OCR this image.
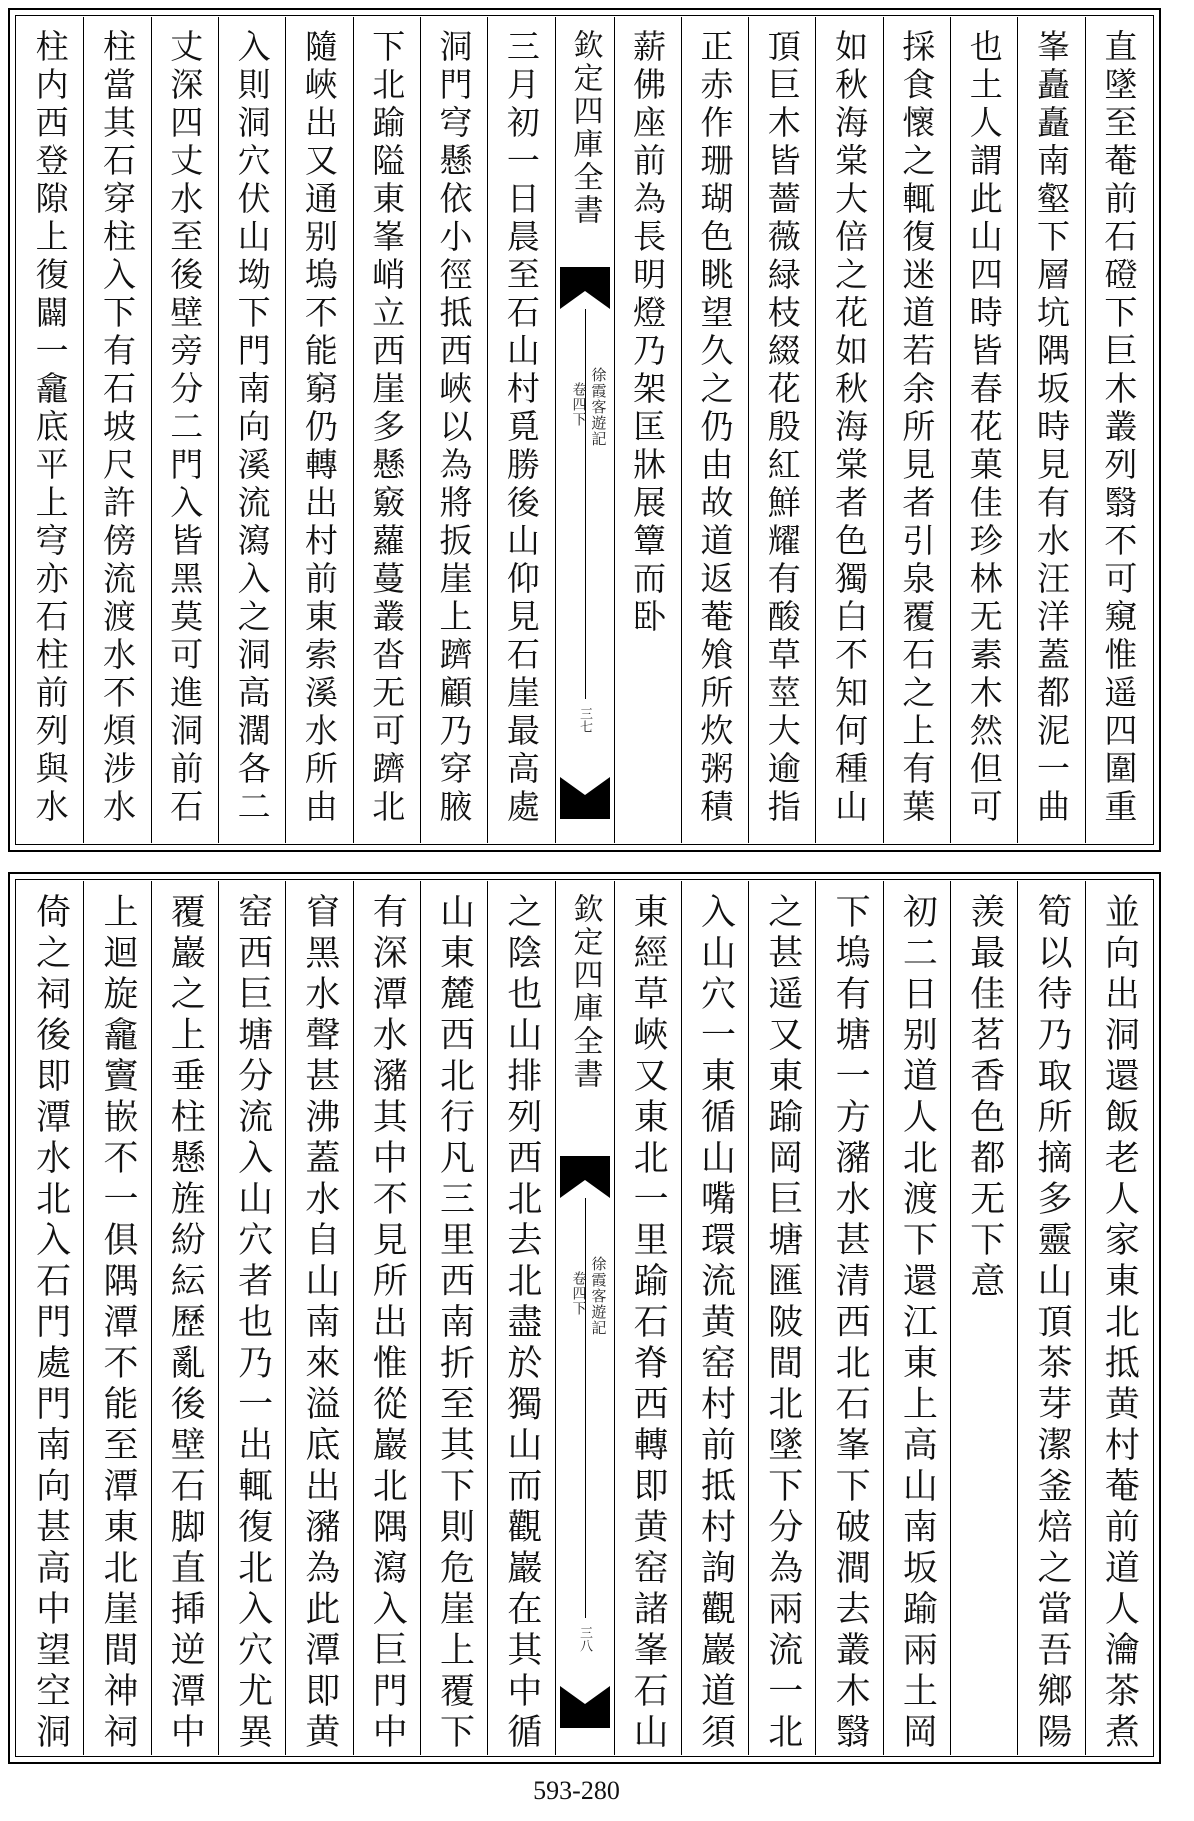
直墜至菴前石磴下巨木叢列翳不可窺惟遥四圍重
峯矗矗南壑下層坑隅坂時見有水汪洋蓋都泥一曲
也土人謂此山四時皆春花菓佳珍林无素木然但可
採食懷之輒復迷道若余所見者引泉覆石之上有葉
如秋海棠大倍之花如秋海棠者色獨白不知何種山
頂巨木皆薔薇緑枝綴花殷紅鮮耀有酸草莖大逾指
正赤作珊瑚色眺望久之仍由故道返菴飧所炊粥積
薪佛座前為長明燈乃架匡牀展簟而卧
欽定四庫全書
徐霞客遊記
卷四下
三七
三月初一日晨至石山村覓勝後山仰見石崖最高處
洞門穹懸依小徑抵西峽以為將扳崖上躋顧乃穿腋
下北踰隘東峯峭立西崖多懸竅蘿蔓叢沓无可躋北
隨峽出又通别塢不能窮仍轉出村前東索溪水所由
入則洞穴伏山坳下門南向溪流瀉入之洞高濶各二
丈深四丈水至後壁旁分二門入皆黑莫可進洞前石
柱當其石穿柱入下有石坡尺許傍流渡水不煩涉水
柱内西登隙上復闢一龕底平上穹亦石柱前列與水
並向出洞還飯老人家東北抵黄村菴前道人瀹茶煮
筍以待乃取所摘多靈山頂茶芽潔釜焙之當吾鄉陽
羡最佳茗香色都无下意
初二日别道人北渡下還江東上高山南坂踰兩土岡
下塢有塘一方瀦水甚清西北石峯下破澗去叢木翳
之甚遥又東踰岡巨塘匯陂間北墜下分為兩流一北
入山穴一東循山嘴環流黄窑村前抵村詢觀巖道須
東經草峽又東北一里踰石脊西轉即黄窑諸峯石山
欽定四庫全書
徐霞客遊記
卷四下
三八
之陰也山排列西北去北盡於獨山而觀巖在其中循
山東麓西北行凡三里西南折至其下則危崖上覆下
有深潭水瀦其中不見所出惟從巖北隅瀉入巨門中
窅黑水聲甚沸蓋水自山南來溢底出瀦為此潭即黄
窑西巨塘分流入山穴者也乃一出輒復北入穴尤異
覆巖之上垂柱懸旌紛紜歷亂後壁石脚直揷逆潭中
上迴旋龕竇嵌不一俱隅潭不能至潭東北崖間神祠
倚之祠後即潭水北入石門處門南向甚高中望空洞
593-280
